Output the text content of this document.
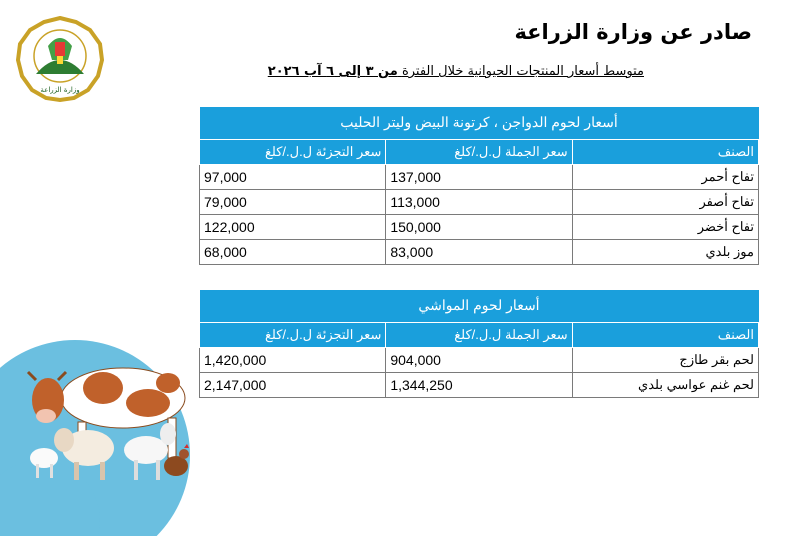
وزارة الزراعة
صادر عن وزارة الزراعة
متوسط أسعار المنتجات الحيوانية خلال الفترة من ٣ إلى ٦ آب ٢٠٢٦
أسعار لحوم الدواجن ، كرتونة البيض وليتر الحليب		
الصنف	سعر الجملة ل.ل./كلغ	سعر التجزئة ل.ل./كلغ
تفاح أحمر	137,000	97,000
تفاح أصفر	113,000	79,000
تفاح أخضر	150,000	122,000
موز بلدي	83,000	68,000
أسعار لحوم المواشي		
الصنف	سعر الجملة ل.ل./كلغ	سعر التجزئة ل.ل./كلغ
لحم بقر طازج	904,000	1,420,000
لحم غنم عواسي بلدي	1,344,250	2,147,000
